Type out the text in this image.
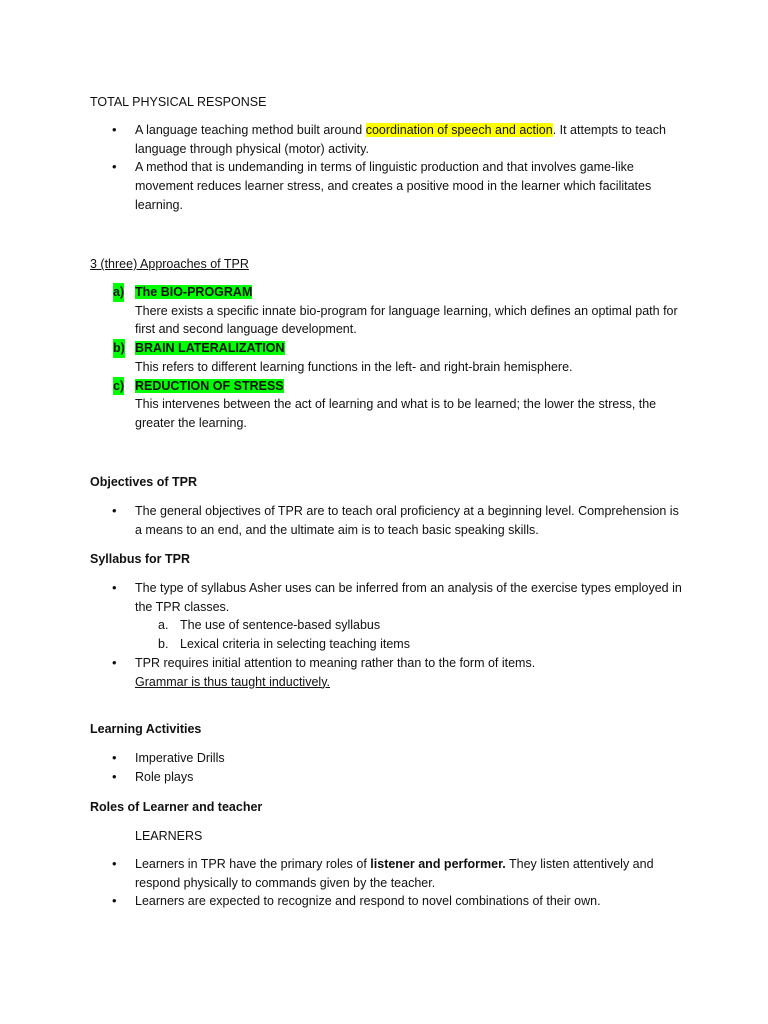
TOTAL PHYSICAL RESPONSE
• A language teaching method built around coordination of speech and action. It attempts to teach language through physical (motor) activity.
• A method that is undemanding in terms of linguistic production and that involves game-like movement reduces learner stress, and creates a positive mood in the learner which facilitates learning.
3 (three) Approaches of TPR
a) The BIO-PROGRAM
There exists a specific innate bio-program for language learning, which defines an optimal path for first and second language development.
b) BRAIN LATERALIZATION
This refers to different learning functions in the left- and right-brain hemisphere.
c) REDUCTION OF STRESS
This intervenes between the act of learning and what is to be learned; the lower the stress, the greater the learning.
Objectives of TPR
• The general objectives of TPR are to teach oral proficiency at a beginning level. Comprehension is a means to an end, and the ultimate aim is to teach basic speaking skills.
Syllabus for TPR
• The type of syllabus Asher uses can be inferred from an analysis of the exercise types employed in the TPR classes.
a. The use of sentence-based syllabus
b. Lexical criteria in selecting teaching items
• TPR requires initial attention to meaning rather than to the form of items.
Grammar is thus taught inductively.
Learning Activities
• Imperative Drills
• Role plays
Roles of Learner and teacher
LEARNERS
• Learners in TPR have the primary roles of listener and performer. They listen attentively and respond physically to commands given by the teacher.
• Learners are expected to recognize and respond to novel combinations of their own.
